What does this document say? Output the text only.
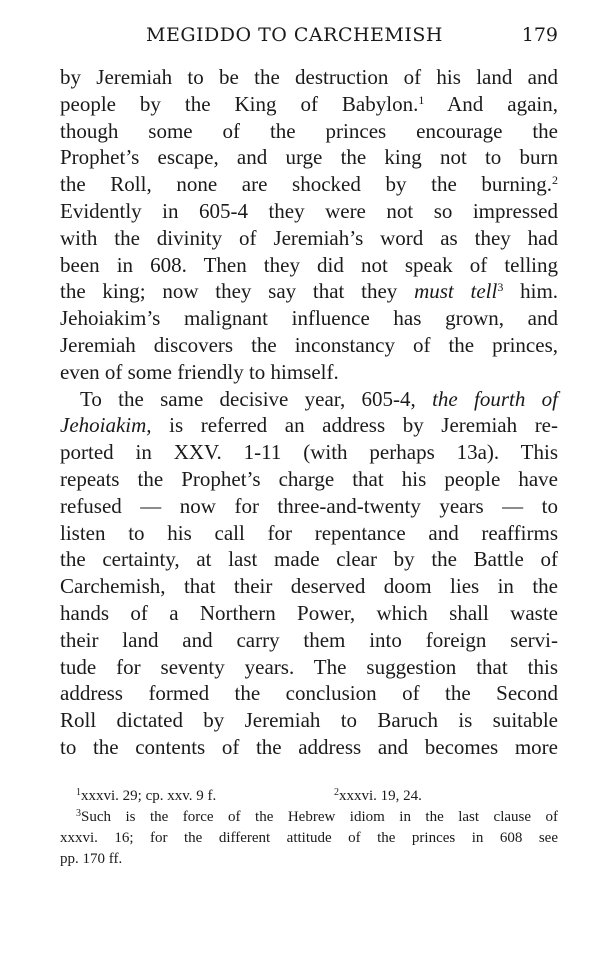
MEGIDDO TO CARCHEMISH	179
by Jeremiah to be the destruction of his land and
people by the King of Babylon.$^1$ And again,
though some of the princes encourage the
Prophet’s escape, and urge the king not to burn
the Roll, none are shocked by the burning.$^2$
Evidently in 605-4 they were not so impressed
with the divinity of Jeremiah’s word as they had
been in 608. Then they did not speak of telling
the king; now they say that they must tell$^3$ him.
Jehoiakim’s malignant influence has grown, and
Jeremiah discovers the inconstancy of the princes,
even of some friendly to himself.
To the same decisive year, 605-4, the fourth of
Jehoiakim, is referred an address by Jeremiah re-
ported in XXV. 1-11 (with perhaps 13a). This
repeats the Prophet’s charge that his people have
refused — now for three-and-twenty years — to
listen to his call for repentance and reaffirms
the certainty, at last made clear by the Battle of
Carchemish, that their deserved doom lies in the
hands of a Northern Power, which shall waste
their land and carry them into foreign servi-
tude for seventy years. The suggestion that this
address formed the conclusion of the Second
Roll dictated by Jeremiah to Baruch is suitable
to the contents of the address and becomes more
$^1$xxxvi. 29; cp. xxv. 9 f.	$^2$xxxvi. 19, 24.
$^3$Such is the force of the Hebrew idiom in the last clause of
xxxvi. 16; for the different attitude of the princes in 608 see
pp. 170 ff.
